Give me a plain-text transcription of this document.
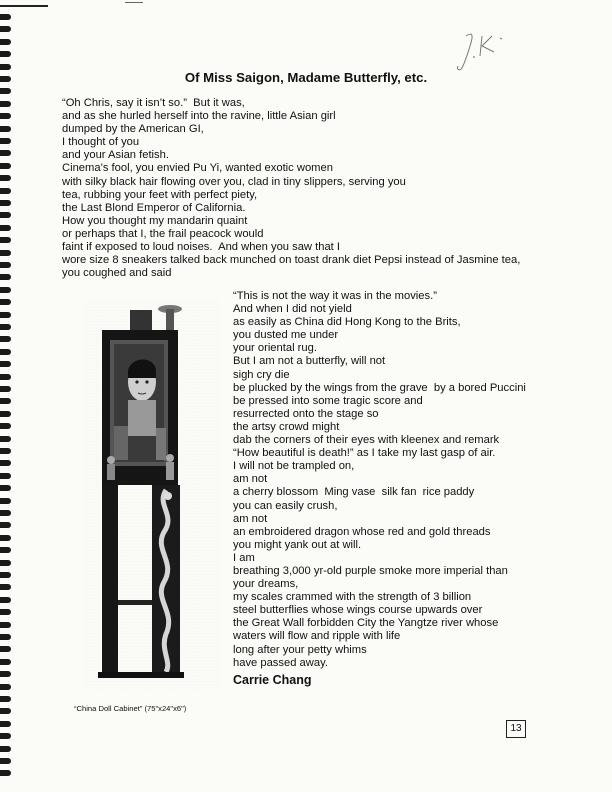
Of Miss Saigon, Madame Butterfly, etc.
“Oh Chris, say it isn’t so.”  But it was,
and as she hurled herself into the ravine, little Asian girl
dumped by the American GI,
I thought of you
and your Asian fetish.
Cinema’s fool, you envied Pu Yi, wanted exotic women
with silky black hair flowing over you, clad in tiny slippers, serving you
tea, rubbing your feet with perfect piety,
the Last Blond Emperor of California.
How you thought my mandarin quaint
or perhaps that I, the frail peacock would
faint if exposed to loud noises.  And when you saw that I
wore size 8 sneakers talked back munched on toast drank diet Pepsi instead of Jasmine tea,
you coughed and said
“This is not the way it was in the movies.”
And when I did not yield
as easily as China did Hong Kong to the Brits,
you dusted me under
your oriental rug.
But I am not a butterfly, will not
sigh cry die
be plucked by the wings from the grave  by a bored Puccini
be pressed into some tragic score and
resurrected onto the stage so
the artsy crowd might
dab the corners of their eyes with kleenex and remark
“How beautiful is death!” as I take my last gasp of air.
I will not be trampled on,
am not
a cherry blossom  Ming vase  silk fan  rice paddy
you can easily crush,
am not
an embroidered dragon whose red and gold threads
you might yank out at will.
I am
breathing 3,000 yr-old purple smoke more imperial than
your dreams,
my scales crammed with the strength of 3 billion
steel butterflies whose wings course upwards over
the Great Wall forbidden City the Yangtze river whose
waters will flow and ripple with life
long after your petty whims
have passed away.
Carrie Chang
“China Doll Cabinet” (75"x24"x6")
13
